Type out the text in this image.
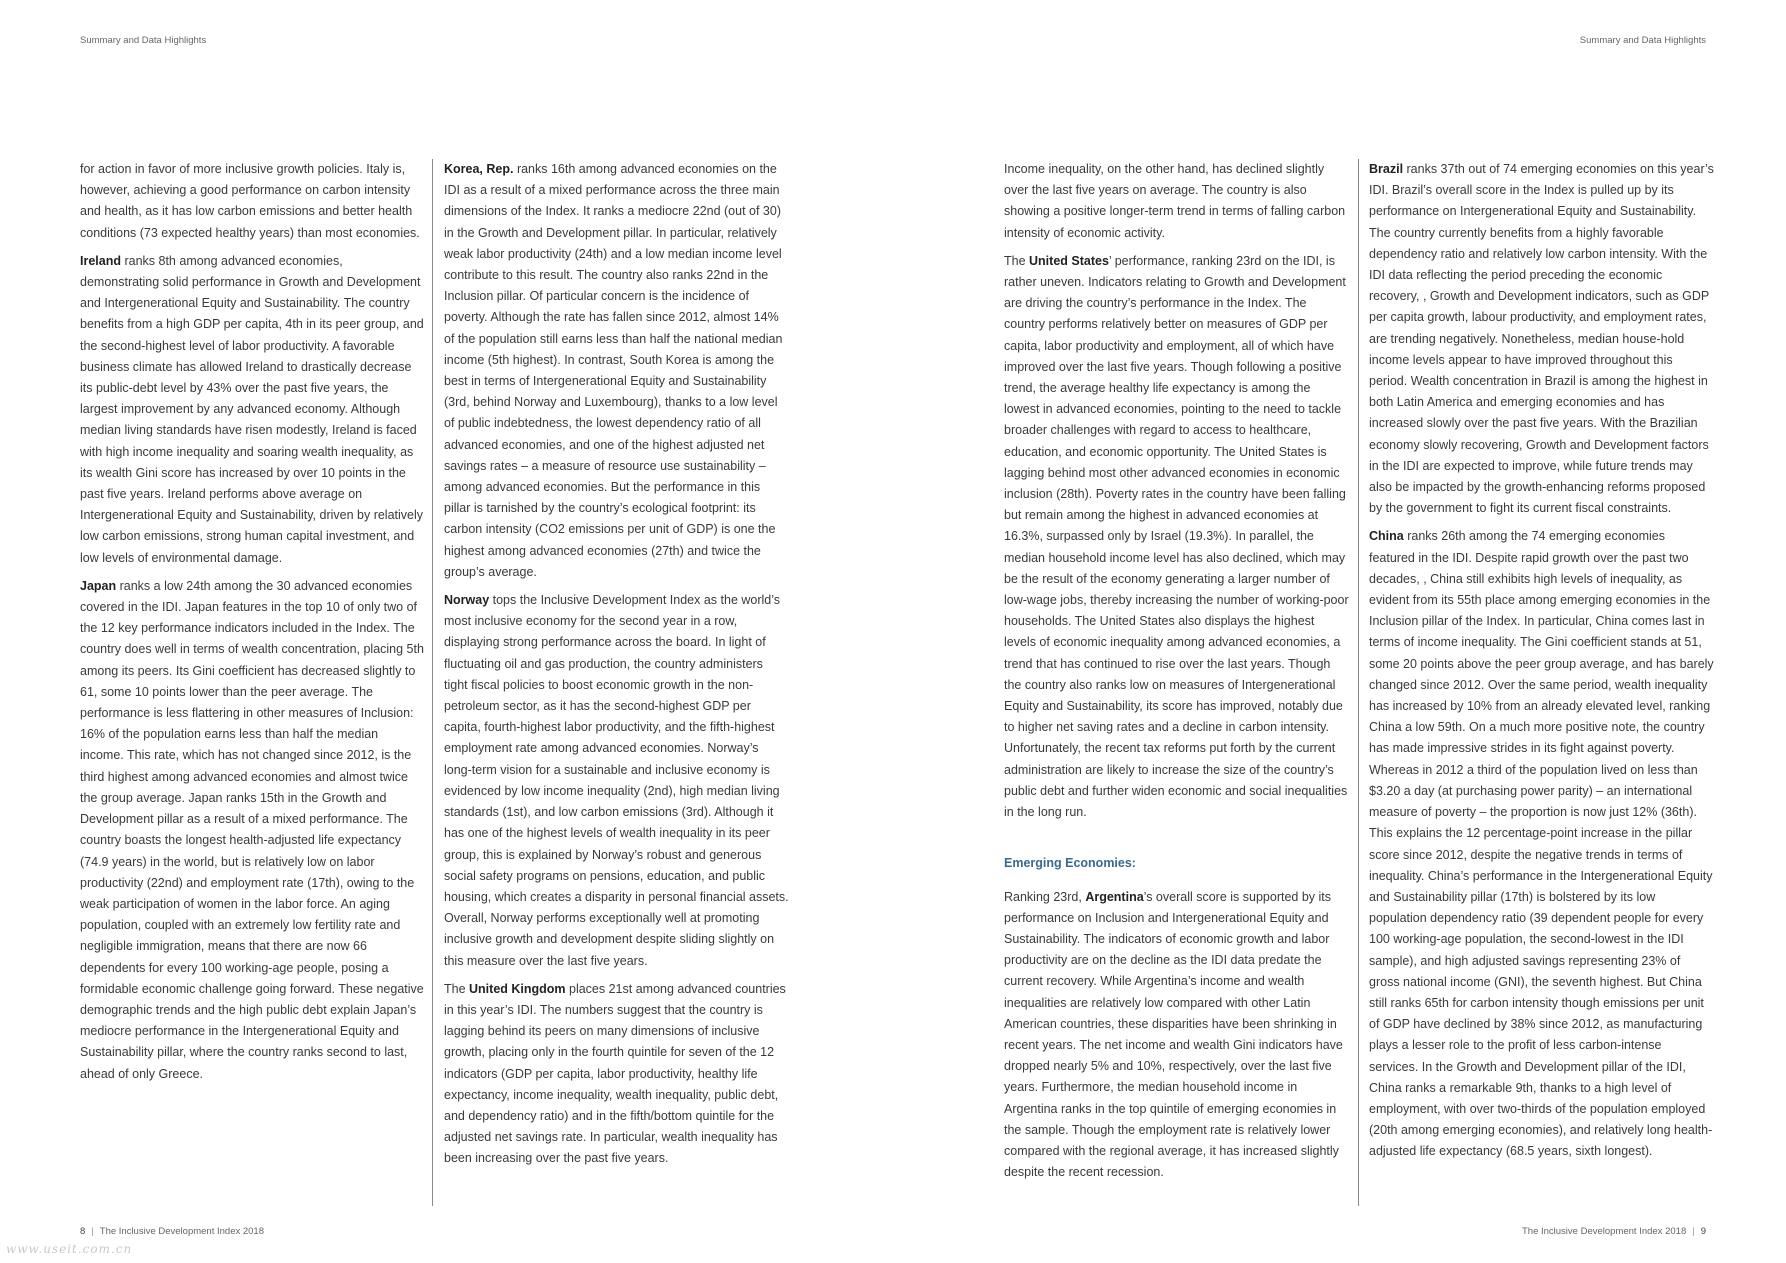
Summary and Data Highlights	Summary and Data Highlights

for action in favor of more inclusive growth policies. Italy is, however, achieving a good performance on carbon intensity and health, as it has low carbon emissions and better health conditions (73 expected healthy years) than most economies.

Ireland ranks 8th among advanced economies, demonstrating solid performance in Growth and Development and Intergenerational Equity and Sustainability. The country benefits from a high GDP per capita, 4th in its peer group, and the second-highest level of labor productivity. A favorable business climate has allowed Ireland to drastically decrease its public-debt level by 43% over the past five years, the largest improvement by any advanced economy. Although median living standards have risen modestly, Ireland is faced with high income inequality and soaring wealth inequality, as its wealth Gini score has increased by over 10 points in the past five years. Ireland performs above average on Intergenerational Equity and Sustainability, driven by relatively low carbon emissions, strong human capital investment, and low levels of environmental damage.

Japan ranks a low 24th among the 30 advanced economies covered in the IDI. Japan features in the top 10 of only two of the 12 key performance indicators included in the Index. The country does well in terms of wealth concentration, placing 5th among its peers. Its Gini coefficient has decreased slightly to 61, some 10 points lower than the peer average. The performance is less flattering in other measures of Inclusion: 16% of the population earns less than half the median income. This rate, which has not changed since 2012, is the third highest among advanced economies and almost twice the group average. Japan ranks 15th in the Growth and Development pillar as a result of a mixed performance. The country boasts the longest health-adjusted life expectancy (74.9 years) in the world, but is relatively low on labor productivity (22nd) and employment rate (17th), owing to the weak participation of women in the labor force. An aging population, coupled with an extremely low fertility rate and negligible immigration, means that there are now 66 dependents for every 100 working-age people, posing a formidable economic challenge going forward. These negative demographic trends and the high public debt explain Japan’s mediocre performance in the Intergenerational Equity and Sustainability pillar, where the country ranks second to last, ahead of only Greece.

Korea, Rep. ranks 16th among advanced economies on the IDI as a result of a mixed performance across the three main dimensions of the Index. It ranks a mediocre 22nd (out of 30) in the Growth and Development pillar. In particular, relatively weak labor productivity (24th) and a low median income level contribute to this result. The country also ranks 22nd in the Inclusion pillar. Of particular concern is the incidence of poverty. Although the rate has fallen since 2012, almost 14% of the population still earns less than half the national median income (5th highest). In contrast, South Korea is among the best in terms of Intergenerational Equity and Sustainability (3rd, behind Norway and Luxembourg), thanks to a low level of public indebtedness, the lowest dependency ratio of all advanced economies, and one of the highest adjusted net savings rates – a measure of resource use sustainability – among advanced economies. But the performance in this pillar is tarnished by the country’s ecological footprint: its carbon intensity (CO2 emissions per unit of GDP) is one the highest among advanced economies (27th) and twice the group’s average.

Norway tops the Inclusive Development Index as the world’s most inclusive economy for the second year in a row, displaying strong performance across the board. In light of fluctuating oil and gas production, the country administers tight fiscal policies to boost economic growth in the non-petroleum sector, as it has the second-highest GDP per capita, fourth-highest labor productivity, and the fifth-highest employment rate among advanced economies. Norway’s long-term vision for a sustainable and inclusive economy is evidenced by low income inequality (2nd), high median living standards (1st), and low carbon emissions (3rd). Although it has one of the highest levels of wealth inequality in its peer group, this is explained by Norway’s robust and generous social safety programs on pensions, education, and public housing, which creates a disparity in personal financial assets. Overall, Norway performs exceptionally well at promoting inclusive growth and development despite sliding slightly on this measure over the last five years.

The United Kingdom places 21st among advanced countries in this year’s IDI. The numbers suggest that the country is lagging behind its peers on many dimensions of inclusive growth, placing only in the fourth quintile for seven of the 12 indicators (GDP per capita, labor productivity, healthy life expectancy, income inequality, wealth inequality, public debt, and dependency ratio) and in the fifth/bottom quintile for the adjusted net savings rate. In particular, wealth inequality has been increasing over the past five years.

Income inequality, on the other hand, has declined slightly over the last five years on average. The country is also showing a positive longer-term trend in terms of falling carbon intensity of economic activity.

The United States’ performance, ranking 23rd on the IDI, is rather uneven. Indicators relating to Growth and Development are driving the country’s performance in the Index. The country performs relatively better on measures of GDP per capita, labor productivity and employment, all of which have improved over the last five years. Though following a positive trend, the average healthy life expectancy is among the lowest in advanced economies, pointing to the need to tackle broader challenges with regard to access to healthcare, education, and economic opportunity. The United States is lagging behind most other advanced economies in economic inclusion (28th). Poverty rates in the country have been falling but remain among the highest in advanced economies at 16.3%, surpassed only by Israel (19.3%). In parallel, the median household income level has also declined, which may be the result of the economy generating a larger number of low-wage jobs, thereby increasing the number of working-poor households. The United States also displays the highest levels of economic inequality among advanced economies, a trend that has continued to rise over the last years. Though the country also ranks low on measures of Intergenerational Equity and Sustainability, its score has improved, notably due to higher net saving rates and a decline in carbon intensity. Unfortunately, the recent tax reforms put forth by the current administration are likely to increase the size of the country’s public debt and further widen economic and social inequalities in the long run.

Emerging Economies:

Ranking 23rd, Argentina’s overall score is supported by its performance on Inclusion and Intergenerational Equity and Sustainability. The indicators of economic growth and labor productivity are on the decline as the IDI data predate the current recovery. While Argentina’s income and wealth inequalities are relatively low compared with other Latin American countries, these disparities have been shrinking in recent years. The net income and wealth Gini indicators have dropped nearly 5% and 10%, respectively, over the last five years. Furthermore, the median household income in Argentina ranks in the top quintile of emerging economies in the sample. Though the employment rate is relatively lower compared with the regional average, it has increased slightly despite the recent recession.

Brazil ranks 37th out of 74 emerging economies on this year’s IDI. Brazil’s overall score in the Index is pulled up by its performance on Intergenerational Equity and Sustainability. The country currently benefits from a highly favorable dependency ratio and relatively low carbon intensity. With the IDI data reflecting the period preceding the economic recovery, , Growth and Development indicators, such as GDP per capita growth, labour productivity, and employment rates, are trending negatively. Nonetheless, median house-hold income levels appear to have improved throughout this period. Wealth concentration in Brazil is among the highest in both Latin America and emerging economies and has increased slowly over the past five years. With the Brazilian economy slowly recovering, Growth and Development factors in the IDI are expected to improve, while future trends may also be impacted by the growth-enhancing reforms proposed by the government to fight its current fiscal constraints.

China ranks 26th among the 74 emerging economies featured in the IDI. Despite rapid growth over the past two decades, , China still exhibits high levels of inequality, as evident from its 55th place among emerging economies in the Inclusion pillar of the Index. In particular, China comes last in terms of income inequality. The Gini coefficient stands at 51, some 20 points above the peer group average, and has barely changed since 2012. Over the same period, wealth inequality has increased by 10% from an already elevated level, ranking China a low 59th. On a much more positive note, the country has made impressive strides in its fight against poverty. Whereas in 2012 a third of the population lived on less than $3.20 a day (at purchasing power parity) – an international measure of poverty – the proportion is now just 12% (36th). This explains the 12 percentage-point increase in the pillar score since 2012, despite the negative trends in terms of inequality. China’s performance in the Intergenerational Equity and Sustainability pillar (17th) is bolstered by its low population dependency ratio (39 dependent people for every 100 working-age population, the second-lowest in the IDI sample), and high adjusted savings representing 23% of gross national income (GNI), the seventh highest. But China still ranks 65th for carbon intensity though emissions per unit of GDP have declined by 38% since 2012, as manufacturing plays a lesser role to the profit of less carbon-intense services. In the Growth and Development pillar of the IDI, China ranks a remarkable 9th, thanks to a high level of employment, with over two-thirds of the population employed (20th among emerging economies), and relatively long health-adjusted life expectancy (68.5 years, sixth longest).

8 | The Inclusive Development Index 2018	The Inclusive Development Index 2018 | 9
www.useit.com.cn
